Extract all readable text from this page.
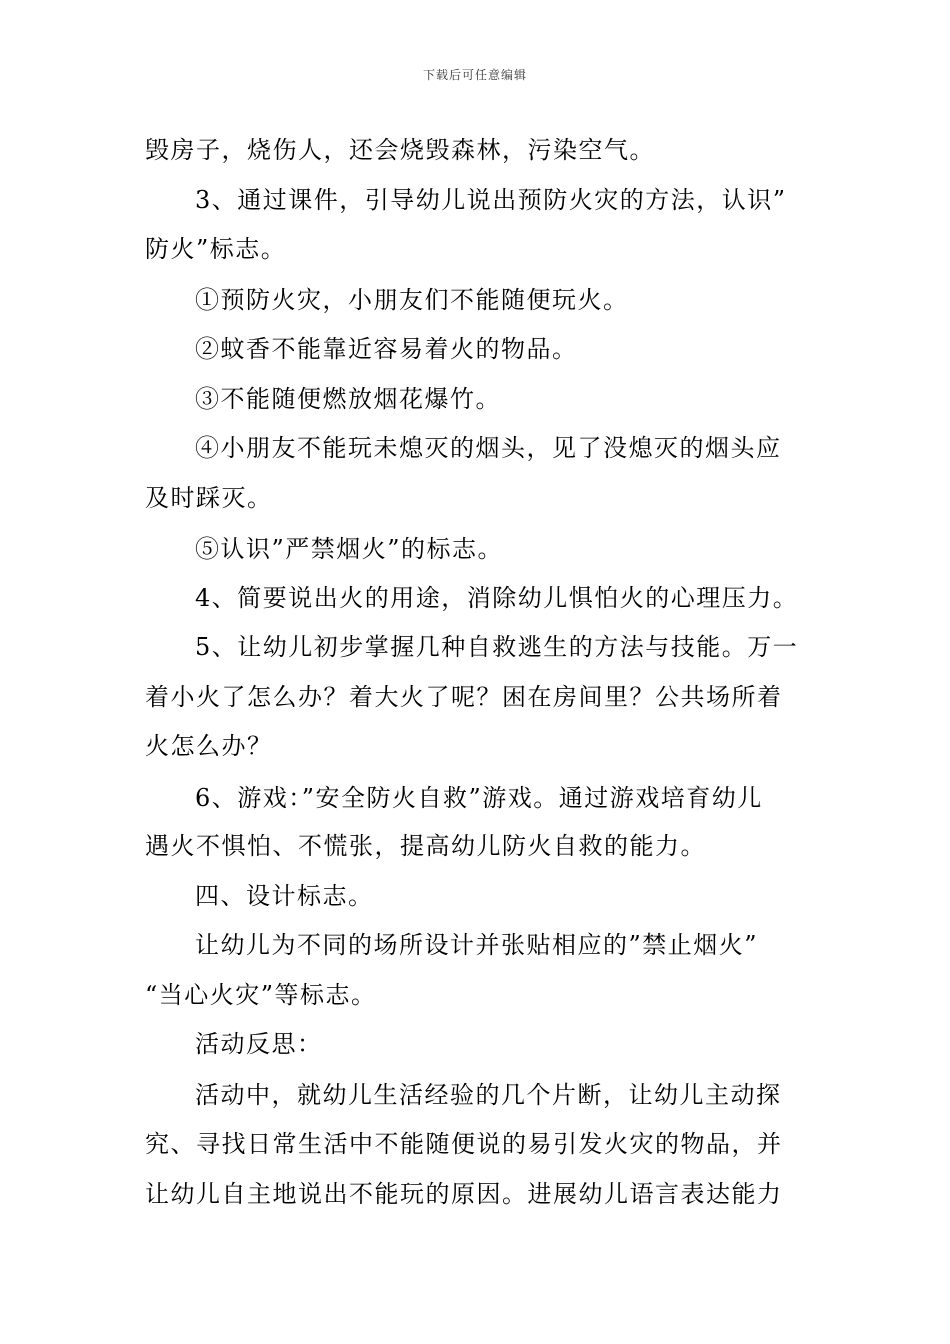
下载后可任意编辑
毁房子，烧伤人，还会烧毁森林，污染空气。
3、通过课件，引导幼儿说出预防火灾的方法，认识”
防火”标志。
①预防火灾，小朋友们不能随便玩火。
②蚊香不能靠近容易着火的物品。
③不能随便燃放烟花爆竹。
④小朋友不能玩未熄灭的烟头，见了没熄灭的烟头应
及时踩灭。
⑤认识”严禁烟火”的标志。
4、简要说出火的用途，消除幼儿惧怕火的心理压力。
5、让幼儿初步掌握几种自救逃生的方法与技能。万一
着小火了怎么办？着大火了呢？困在房间里？公共场所着
火怎么办？
6、游戏：”安全防火自救”游戏。通过游戏培育幼儿
遇火不惧怕、不慌张，提高幼儿防火自救的能力。
四、设计标志。
让幼儿为不同的场所设计并张贴相应的”禁止烟火”
“当心火灾”等标志。
活动反思：
活动中，就幼儿生活经验的几个片断，让幼儿主动探
究、寻找日常生活中不能随便说的易引发火灾的物品，并
让幼儿自主地说出不能玩的原因。进展幼儿语言表达能力
